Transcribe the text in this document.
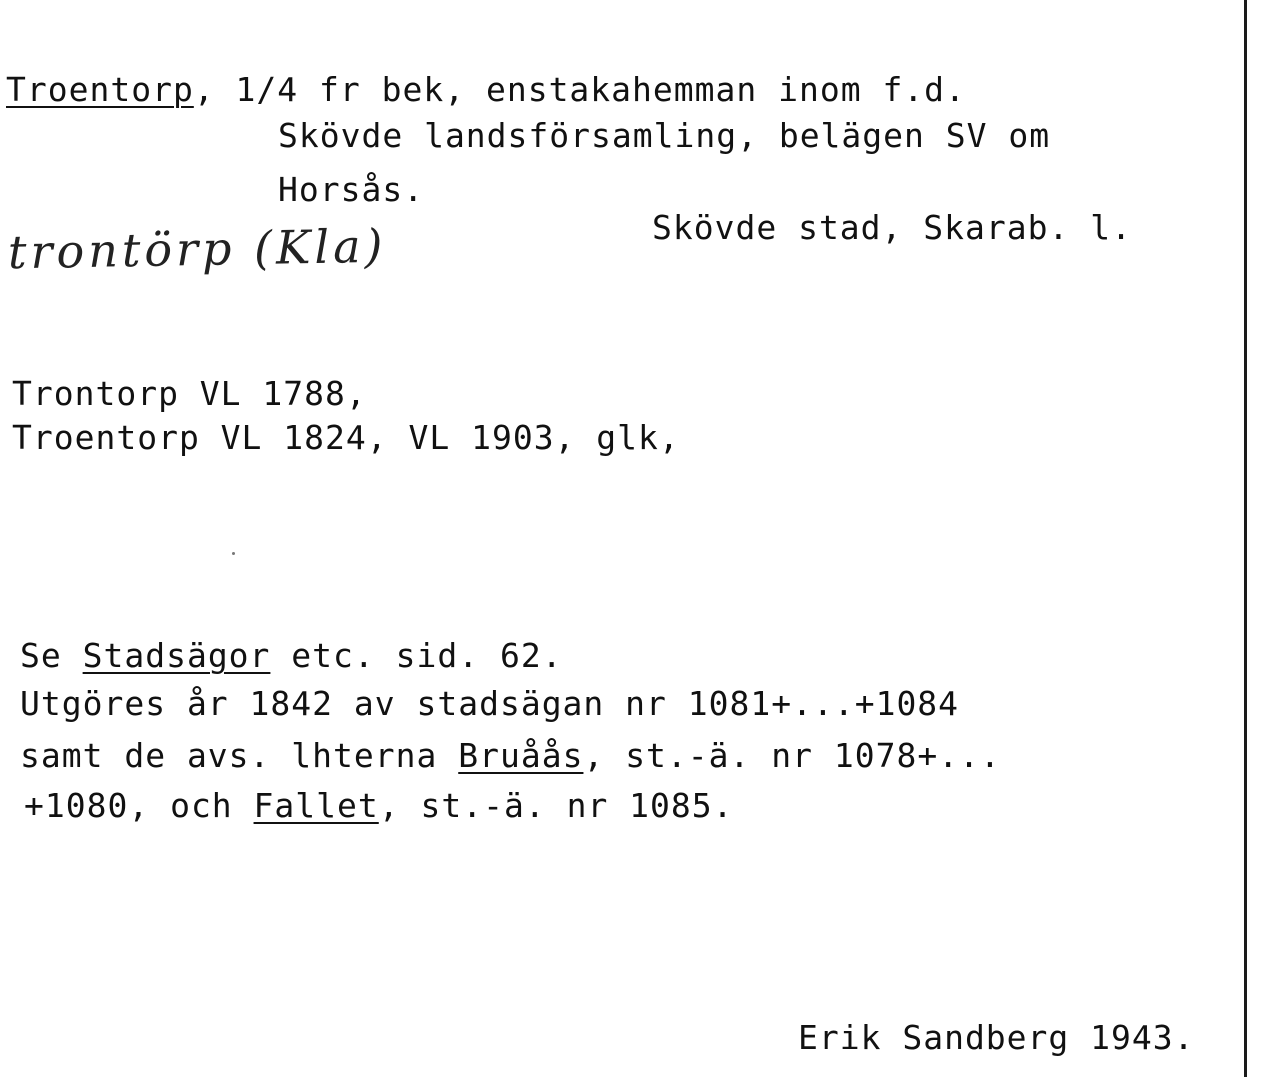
Troentorp, 1/4 fr bek, enstakahemman inom f.d.
Skövde landsförsamling, belägen SV om
Horsås.
trontörp (Kla)	Skövde stad, Skarab. l.
Trontorp VL 1788,
Troentorp VL 1824, VL 1903, glk,
Se Stadsägor etc. sid. 62.
Utgöres år 1842 av stadsägan nr 1081+...+1084
samt de avs. lhterna Bruåås, st.-ä. nr 1078+...
+1080, och Fallet, st.-ä. nr 1085.
Erik Sandberg 1943.
